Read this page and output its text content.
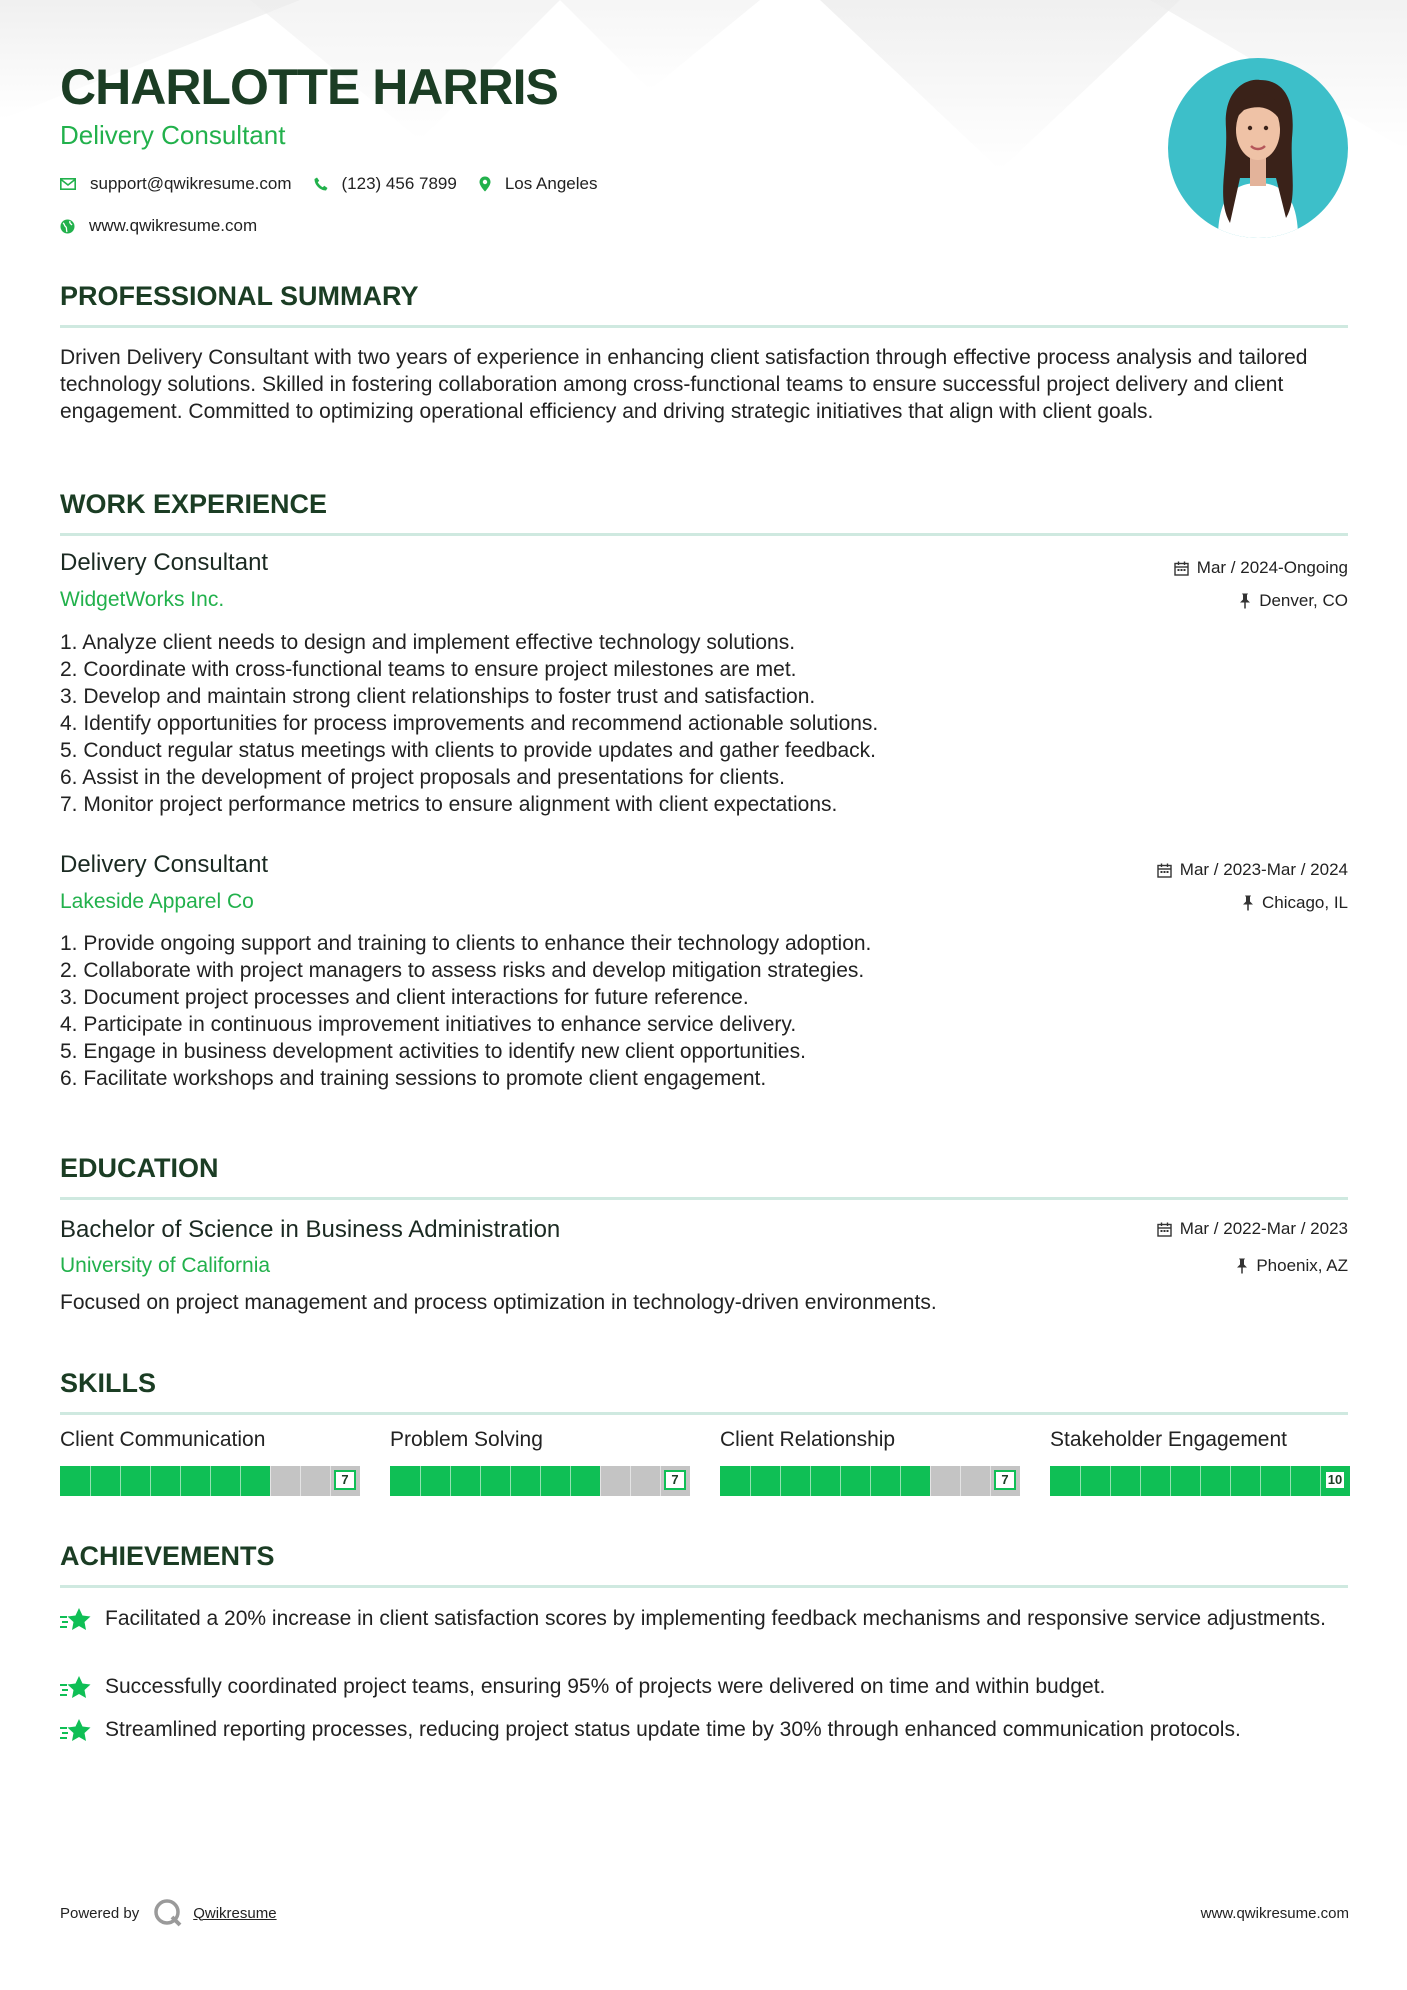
CHARLOTTE HARRIS
Delivery Consultant
support@qwikresume.com	(123) 456 7899	Los Angeles
www.qwikresume.com
PROFESSIONAL SUMMARY

Driven Delivery Consultant with two years of experience in enhancing client satisfaction through effective process analysis and tailored technology solutions. Skilled in fostering collaboration among cross-functional teams to ensure successful project delivery and client engagement. Committed to optimizing operational efficiency and driving strategic initiatives that align with client goals.

WORK EXPERIENCE
Delivery Consultant	Mar / 2024-Ongoing
WidgetWorks Inc.	Denver, CO
1. Analyze client needs to design and implement effective technology solutions.
2. Coordinate with cross-functional teams to ensure project milestones are met.
3. Develop and maintain strong client relationships to foster trust and satisfaction.
4. Identify opportunities for process improvements and recommend actionable solutions.
5. Conduct regular status meetings with clients to provide updates and gather feedback.
6. Assist in the development of project proposals and presentations for clients.
7. Monitor project performance metrics to ensure alignment with client expectations.
Delivery Consultant	Mar / 2023-Mar / 2024
Lakeside Apparel Co	Chicago, IL
1. Provide ongoing support and training to clients to enhance their technology adoption.
2. Collaborate with project managers to assess risks and develop mitigation strategies.
3. Document project processes and client interactions for future reference.
4. Participate in continuous improvement initiatives to enhance service delivery.
5. Engage in business development activities to identify new client opportunities.
6. Facilitate workshops and training sessions to promote client engagement.
EDUCATION
Bachelor of Science in Business Administration	Mar / 2022-Mar / 2023
University of California	Phoenix, AZ

Focused on project management and process optimization in technology-driven environments.

SKILLS
Client Communication
7
Problem Solving
7
Client Relationship
7
Stakeholder Engagement
10
ACHIEVEMENTS
Facilitated a 20% increase in client satisfaction scores by implementing feedback mechanisms and responsive service adjustments.
Successfully coordinated project teams, ensuring 95% of projects were delivered on time and within budget.
Streamlined reporting processes, reducing project status update time by 30% through enhanced communication protocols.
Powered by	Qwikresume	www.qwikresume.com
